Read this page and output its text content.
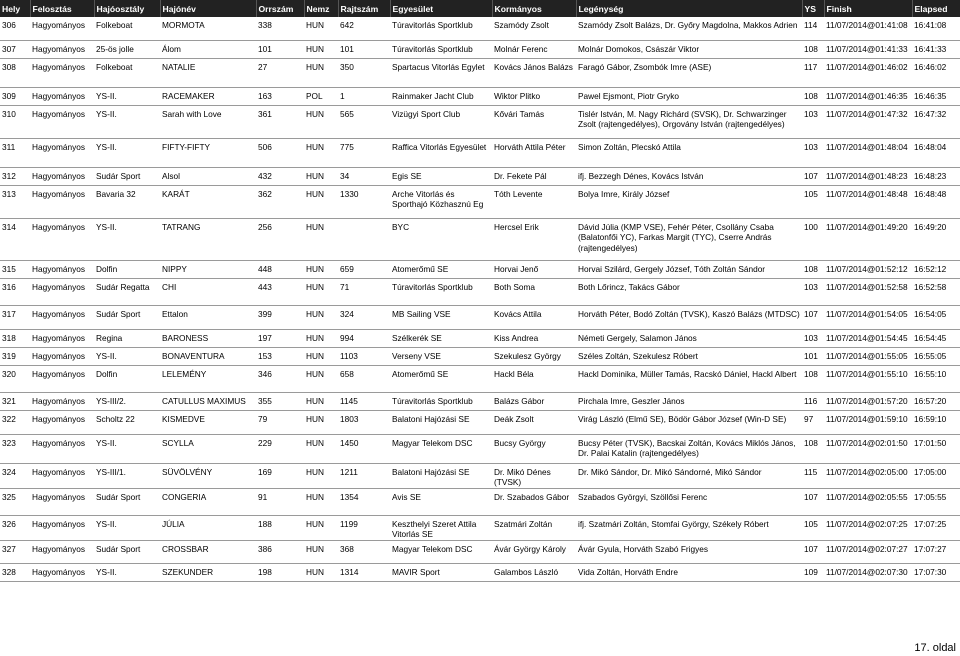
Hely	Felosztás	Hajóosztály	Hajónév	Orrszám	Nemz	Rajtszám	Egyesület	Kormányos	Legénység	YS	Finish	Elapsed
306	Hagyományos	Folkeboat	MORMOTA	338	HUN	642	Túravitorlás Sportklub	Szamódy Zsolt	Szamódy Zsolt Balázs, Dr. Győry Magdolna, Makkos Adrien	114	11/07/2014@01:41:08	16:41:08
307	Hagyományos	25-ös jolle	Álom	101	HUN	101	Túravitorlás Sportklub	Molnár Ferenc	Molnár Domokos, Császár Viktor	108	11/07/2014@01:41:33	16:41:33
308	Hagyományos	Folkeboat	NATALIE	27	HUN	350	Spartacus Vitorlás Egylet	Kovács János Balázs	Faragó Gábor, Zsombók Imre (ASE)	117	11/07/2014@01:46:02	16:46:02
309	Hagyományos	YS-II.	RACEMAKER	163	POL	1	Rainmaker Jacht Club	Wiktor Plitko	Pawel Ejsmont, Piotr Gryko	108	11/07/2014@01:46:35	16:46:35
310	Hagyományos	YS-II.	Sarah with Love	361	HUN	565	Vizügyi Sport Club	Kővári Tamás	Tislér István, M. Nagy Richárd (SVSK), Dr. Schwarzinger Zsolt (rajtengedélyes), Orgovány István (rajtengedélyes)	103	11/07/2014@01:47:32	16:47:32
311	Hagyományos	YS-II.	FIFTY-FIFTY	506	HUN	775	Raffica Vitorlás Egyesület	Horváth Attila Péter	Simon Zoltán, Plecskó Attila	103	11/07/2014@01:48:04	16:48:04
312	Hagyományos	Sudár Sport	Alsol	432	HUN	34	Egis SE	Dr. Fekete Pál	ifj. Bezzegh Dénes, Kovács István	107	11/07/2014@01:48:23	16:48:23
313	Hagyományos	Bavaria 32	KARÁT	362	HUN	1330	Arche Vitorlás és Sporthajó Közhasznú Eg	Tóth Levente	Bolya Imre, Király József	105	11/07/2014@01:48:48	16:48:48
314	Hagyományos	YS-II.	TATRANG	256	HUN		BYC	Hercsel Erik	Dávid Júlia (KMP VSE), Fehér Péter, Csollány Csaba (Balatonfői YC), Farkas Margit (TYC), Cserre András (rajtengedélyes)	100	11/07/2014@01:49:20	16:49:20
315	Hagyományos	Dolfin	NIPPY	448	HUN	659	Atomerőmű SE	Horvai Jenő	Horvai Szilárd, Gergely József, Tóth Zoltán Sándor	108	11/07/2014@01:52:12	16:52:12
316	Hagyományos	Sudár Regatta	CHI	443	HUN	71	Túravitorlás Sportklub	Both Soma	Both Lőrincz, Takács Gábor	103	11/07/2014@01:52:58	16:52:58
317	Hagyományos	Sudár Sport	Ettalon	399	HUN	324	MB Sailing VSE	Kovács Attila	Horváth Péter, Bodó Zoltán (TVSK), Kaszó Balázs (MTDSC)	107	11/07/2014@01:54:05	16:54:05
318	Hagyományos	Regina	BARONESS	197	HUN	994	Szélkerék SE	Kiss Andrea	Németi Gergely, Salamon János	103	11/07/2014@01:54:45	16:54:45
319	Hagyományos	YS-II.	BONAVENTURA	153	HUN	1103	Verseny VSE	Szekulesz György	Széles Zoltán, Szekulesz Róbert	101	11/07/2014@01:55:05	16:55:05
320	Hagyományos	Dolfin	LELEMÉNY	346	HUN	658	Atomerőmű SE	Hackl Béla	Hackl Dominika, Müller Tamás, Racskó Dániel, Hackl Albert	108	11/07/2014@01:55:10	16:55:10
321	Hagyományos	YS-III/2.	CATULLUS MAXIMUS	355	HUN	1145	Túravitorlás Sportklub	Balázs Gábor	Pirchala Imre, Geszler János	116	11/07/2014@01:57:20	16:57:20
322	Hagyományos	Scholtz 22	KISMEDVE	79	HUN	1803	Balatoni Hajózási SE	Deák Zsolt	Virág László (Elmű SE), Bödör Gábor József (Win-D SE)	97	11/07/2014@01:59:10	16:59:10
323	Hagyományos	YS-II.	SCYLLA	229	HUN	1450	Magyar Telekom DSC	Bucsy György	Bucsy Péter (TVSK), Bacskai Zoltán, Kovács Miklós János, Dr. Palai Katalin (rajtengedélyes)	108	11/07/2014@02:01:50	17:01:50
324	Hagyományos	YS-III/1.	SÜVÖLVÉNY	169	HUN	1211	Balatoni Hajózási SE	Dr. Mikó Dénes (TVSK)	Dr. Mikó Sándor, Dr. Mikó Sándorné, Mikó Sándor	115	11/07/2014@02:05:00	17:05:00
325	Hagyományos	Sudár Sport	CONGERIA	91	HUN	1354	Avis SE	Dr. Szabados Gábor	Szabados Györgyi, Szöllősi Ferenc	107	11/07/2014@02:05:55	17:05:55
326	Hagyományos	YS-II.	JÚLIA	188	HUN	1199	Keszthelyi Szeret Attila Vitorlás SE	Szatmári Zoltán	ifj. Szatmári Zoltán, Stomfai György, Székely Róbert	105	11/07/2014@02:07:25	17:07:25
327	Hagyományos	Sudár Sport	CROSSBAR	386	HUN	368	Magyar Telekom DSC	Ávár György Károly	Ávár Gyula, Horváth Szabó Frigyes	107	11/07/2014@02:07:27	17:07:27
328	Hagyományos	YS-II.	SZEKUNDER	198	HUN	1314	MAVIR Sport	Galambos László	Vida Zoltán, Horváth Endre	109	11/07/2014@02:07:30	17:07:30
17. oldal
